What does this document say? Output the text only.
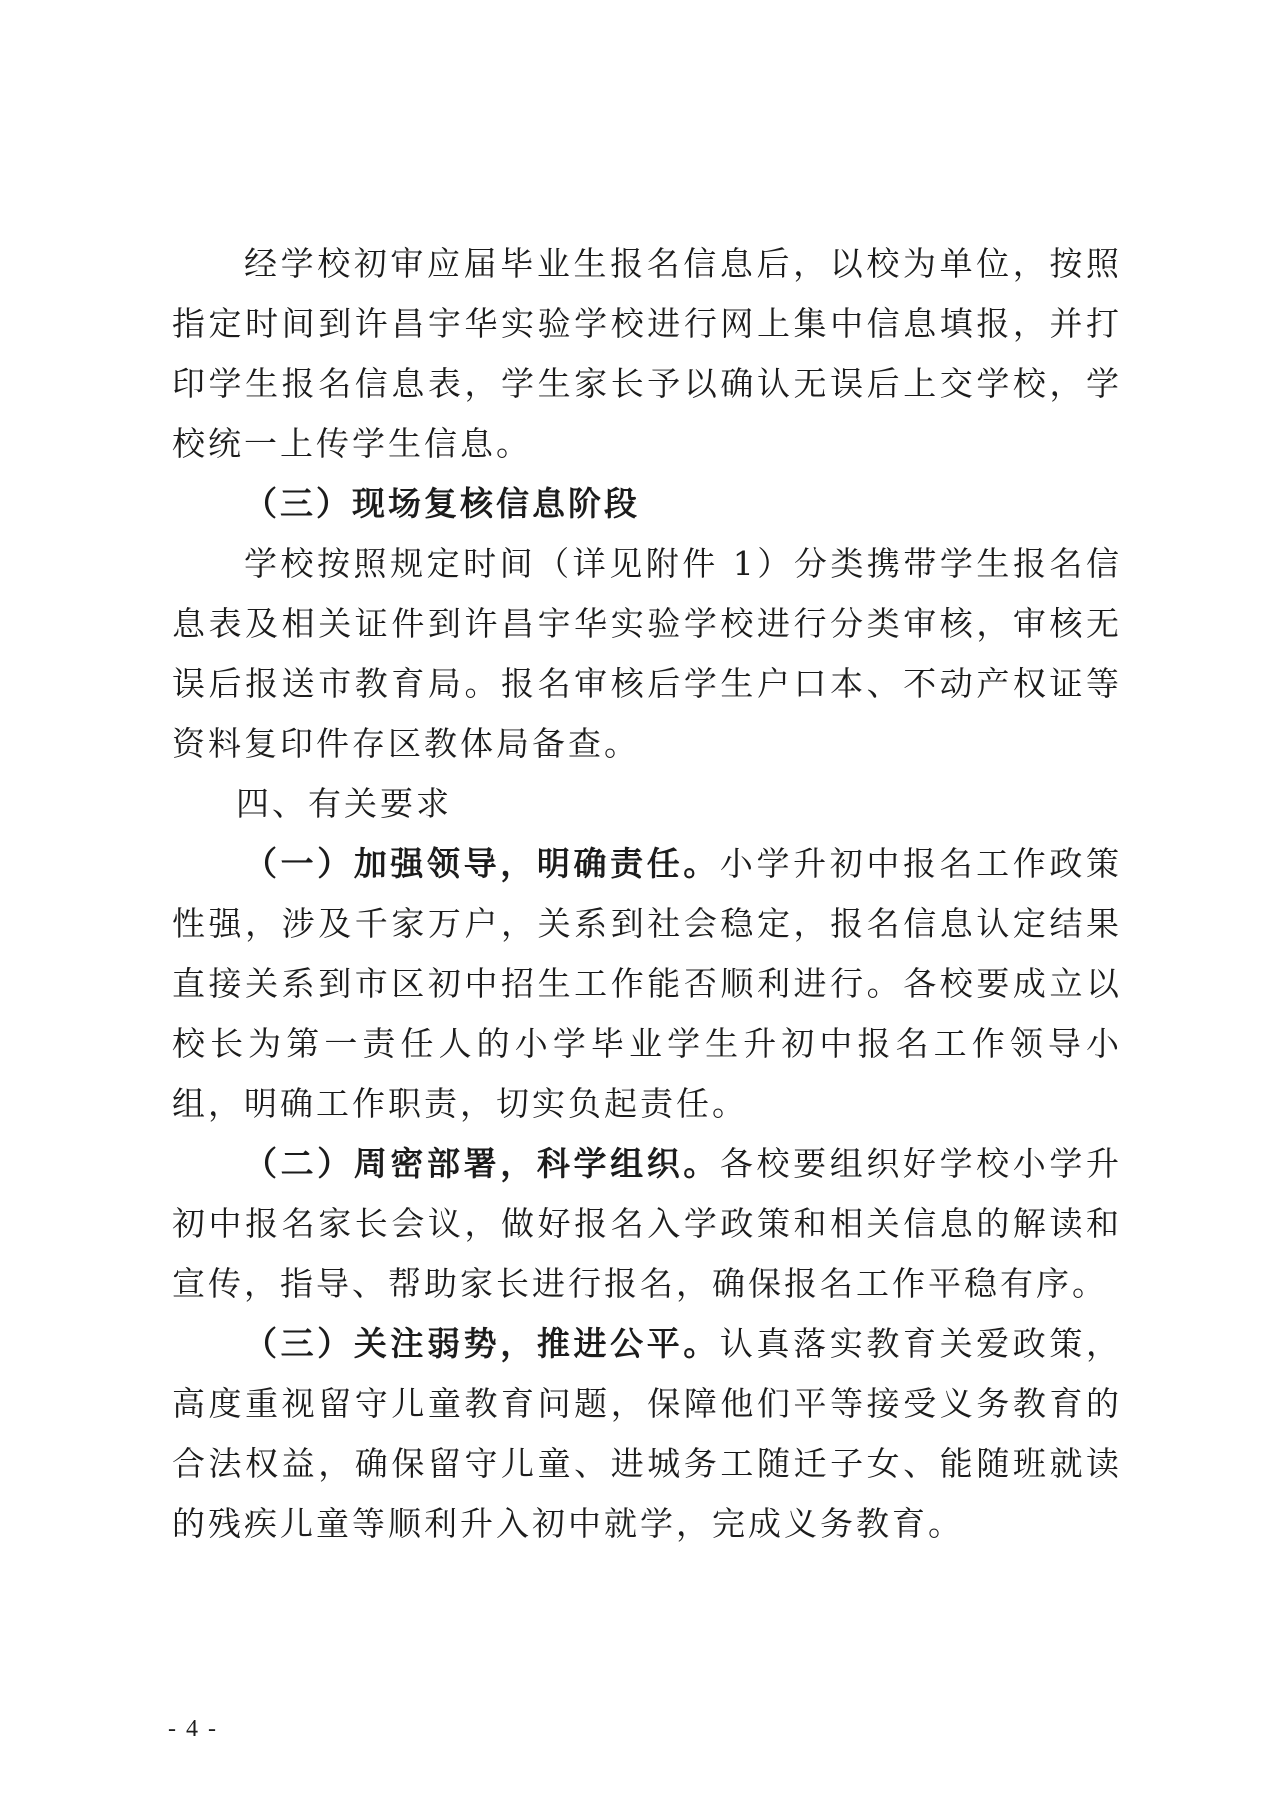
经学校初审应届毕业生报名信息后，以校为单位，按照指定时间到许昌宇华实验学校进行网上集中信息填报，并打印学生报名信息表，学生家长予以确认无误后上交学校，学校统一上传学生信息。

（三）现场复核信息阶段

学校按照规定时间（详见附件 1）分类携带学生报名信息表及相关证件到许昌宇华实验学校进行分类审核，审核无误后报送市教育局。报名审核后学生户口本、不动产权证等资料复印件存区教体局备查。

四、有关要求

（一）加强领导，明确责任。小学升初中报名工作政策性强，涉及千家万户，关系到社会稳定，报名信息认定结果直接关系到市区初中招生工作能否顺利进行。各校要成立以校长为第一责任人的小学毕业学生升初中报名工作领导小组，明确工作职责，切实负起责任。

（二）周密部署，科学组织。各校要组织好学校小学升初中报名家长会议，做好报名入学政策和相关信息的解读和宣传，指导、帮助家长进行报名，确保报名工作平稳有序。

（三）关注弱势，推进公平。认真落实教育关爱政策，高度重视留守儿童教育问题，保障他们平等接受义务教育的合法权益，确保留守儿童、进城务工随迁子女、能随班就读的残疾儿童等顺利升入初中就学，完成义务教育。

- 4 -
